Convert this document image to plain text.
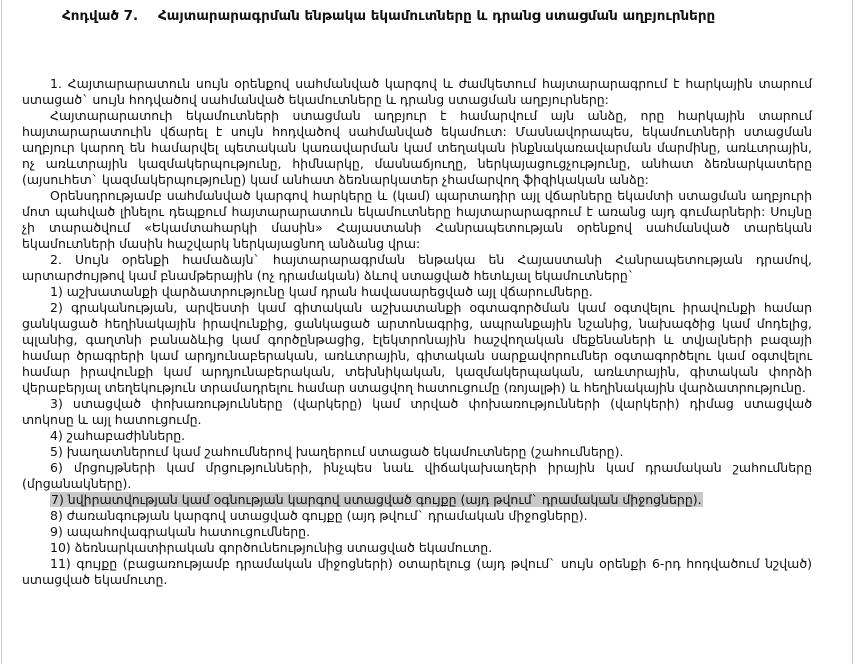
Հոդված 7. Հայտարարագրման ենթակա եկամուտները և դրանց ստացման աղբյուրները

1. Հայտարարատուն սույն օրենքով սահմանված կարգով և ժամկետում հայտարարագրում է հարկային տարում ստացած` սույն հոդվածով սահմանված եկամուտները և դրանց ստացման աղբյուրները:

Հայտարարատուի եկամուտների ստացման աղբյուր է համարվում այն անձը, որը հարկային տարում հայտարարատուին վճարել է սույն հոդվածով սահմանված եկամուտ: Մասնավորապես, եկամուտների ստացման աղբյուր կարող են համարվել պետական կառավարման կամ տեղական ինքնակառավարման մարմինը, առևտրային, ոչ առևտրային կազմակերպությունը, հիմնարկը, մասնաճյուղը, ներկայացուցչությունը, անհատ ձեռնարկատերը (այսուհետ` կազմակերպությունը) կամ անհատ ձեռնարկատեր չհամարվող ֆիզիկական անձը:

Օրենսդրությամբ սահմանված կարգով հարկերը և (կամ) պարտադիր այլ վճարները եկամտի ստացման աղբյուրի մոտ պահված լինելու դեպքում հայտարարատուն եկամուտները հայտարարագրում է առանց այդ գումարների: Սույնը չի տարածվում «Եկամտահարկի մասին» Հայաստանի Հանրապետության օրենքով սահմանված տարեկան եկամուտների մասին հաշվարկ ներկայացնող անձանց վրա:

2. Սույն օրենքի համաձայն` հայտարարագրման ենթակա են Հայաստանի Հանրապետության դրամով, արտարժույթով կամ բնամթերային (ոչ դրամական) ձևով ստացված հետևյալ եկամուտները`

1) աշխատանքի վարձատրությունը կամ դրան հավասարեցված այլ վճարումները.

2) գրականության, արվեստի կամ գիտական աշխատանքի օգտագործման կամ օգտվելու իրավունքի համար ցանկացած հեղինակային իրավունքից, ցանկացած արտոնագրից, ապրանքային նշանից, նախագծից կամ մոդելից, պլանից, գաղտնի բանաձևից կամ գործընթացից, էլեկտրոնային հաշվողական մեքենաների և տվյալների բազայի համար ծրագրերի կամ արդյունաբերական, առևտրային, գիտական սարքավորումներ օգտագործելու կամ օգտվելու համար իրավունքի կամ արդյունաբերական, տեխնիկական, կազմակերպական, առևտրային, գիտական փորձի վերաբերյալ տեղեկություն տրամադրելու համար ստացվող հատուցումը (ռոյալթի) և հեղինակային վարձատրությունը.

3) ստացված փոխառությունները (վարկերը) կամ տրված փոխառությունների (վարկերի) դիմաց ստացված տոկոսը և այլ հատուցումը.

4) շահաբաժինները.

5) խաղատներում կամ շահումներով խաղերում ստացած եկամուտները (շահումները).

6) մրցույթների կամ մրցությունների, ինչպես նաև վիճակախաղերի իրային կամ դրամական շահումները (մրցանակները).

7) նվիրատվության կամ օգնության կարգով ստացված գույքը (այդ թվում` դրամական միջոցները).

8) ժառանգության կարգով ստացված գույքը (այդ թվում` դրամական միջոցները).

9) ապահովագրական հատուցումները.

10) ձեռնարկատիրական գործունեությունից ստացված եկամուտը.

11) գույքը (բացառությամբ դրամական միջոցների) օտարելուց (այդ թվում` սույն օրենքի 6-րդ հոդվածում նշված) ստացված եկամուտը.
